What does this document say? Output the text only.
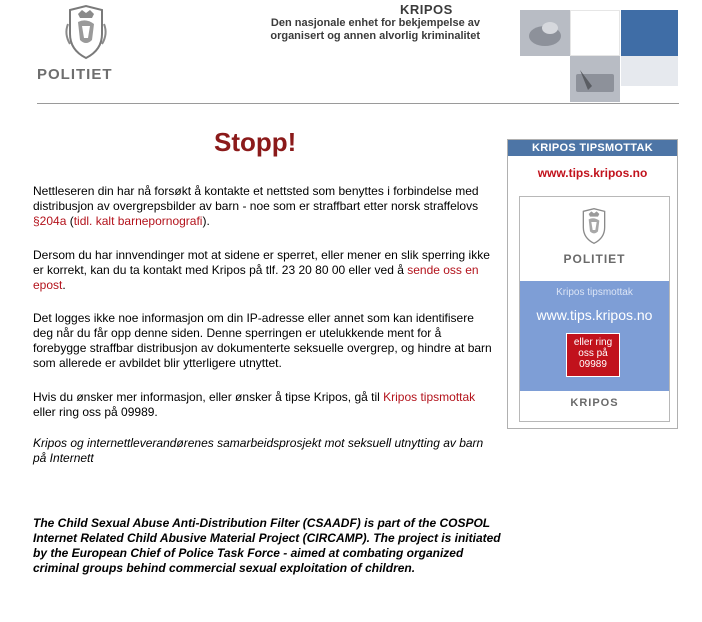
POLITIET
KRIPOS
Den nasjonale enhet for bekjempelse av
organisert og annen alvorlig kriminalitet
Stopp!
Nettleseren din har nå forsøkt å kontakte et nettsted som benyttes i forbindelse med distribusjon av overgrepsbilder av barn - noe som er straffbart etter norsk straffelovs §204a (tidl. kalt barnepornografi).
Dersom du har innvendinger mot at sidene er sperret, eller mener en slik sperring ikke er korrekt, kan du ta kontakt med Kripos på tlf. 23 20 80 00 eller ved å sende oss en epost.
Det logges ikke noe informasjon om din IP-adresse eller annet som kan identifisere deg når du får opp denne siden. Denne sperringen er utelukkende ment for å forebygge straffbar distribusjon av dokumenterte seksuelle overgrep, og hindre at barn som allerede er avbildet blir ytterligere utnyttet.
Hvis du ønsker mer informasjon, eller ønsker å tipse Kripos, gå til Kripos tipsmottak eller ring oss på 09989.
Kripos og internettleverandørenes samarbeidsprosjekt mot seksuell utnytting av barn på Internett
The Child Sexual Abuse Anti-Distribution Filter (CSAADF) is part of the COSPOL Internet Related Child Abusive Material Project (CIRCAMP). The project is initiated by the European Chief of Police Task Force - aimed at combating organized criminal groups behind commercial sexual exploitation of children.
KRIPOS TIPSMOTTAK
www.tips.kripos.no
POLITIET
Kripos tipsmottak
www.tips.kripos.no
eller ring
oss på
09989
KRIPOS
